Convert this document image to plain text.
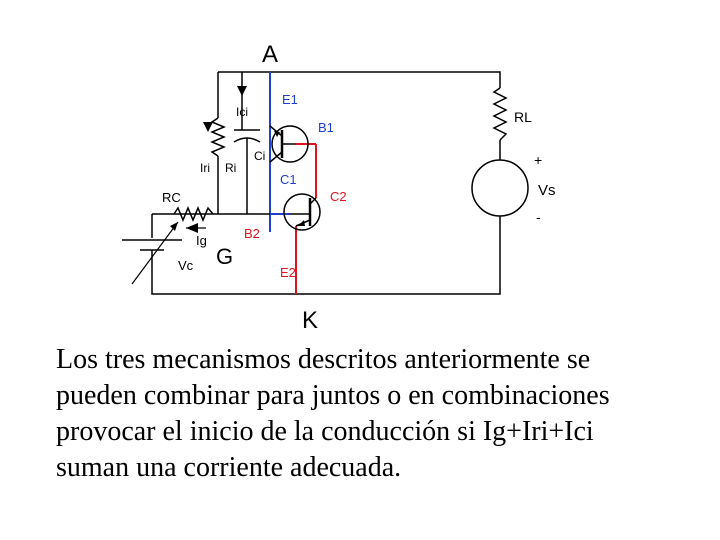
RL
+
Vs
-
A
E1
C1
Ici
Ci
Iri Ri
RC
Ig
Vc G
B1
C2
B2
E2
K
Los tres mecanismos descritos anteriormente se
pueden combinar para juntos o en combinaciones
provocar el inicio de la conducción si Ig+Iri+Ici
suman una corriente adecuada.
